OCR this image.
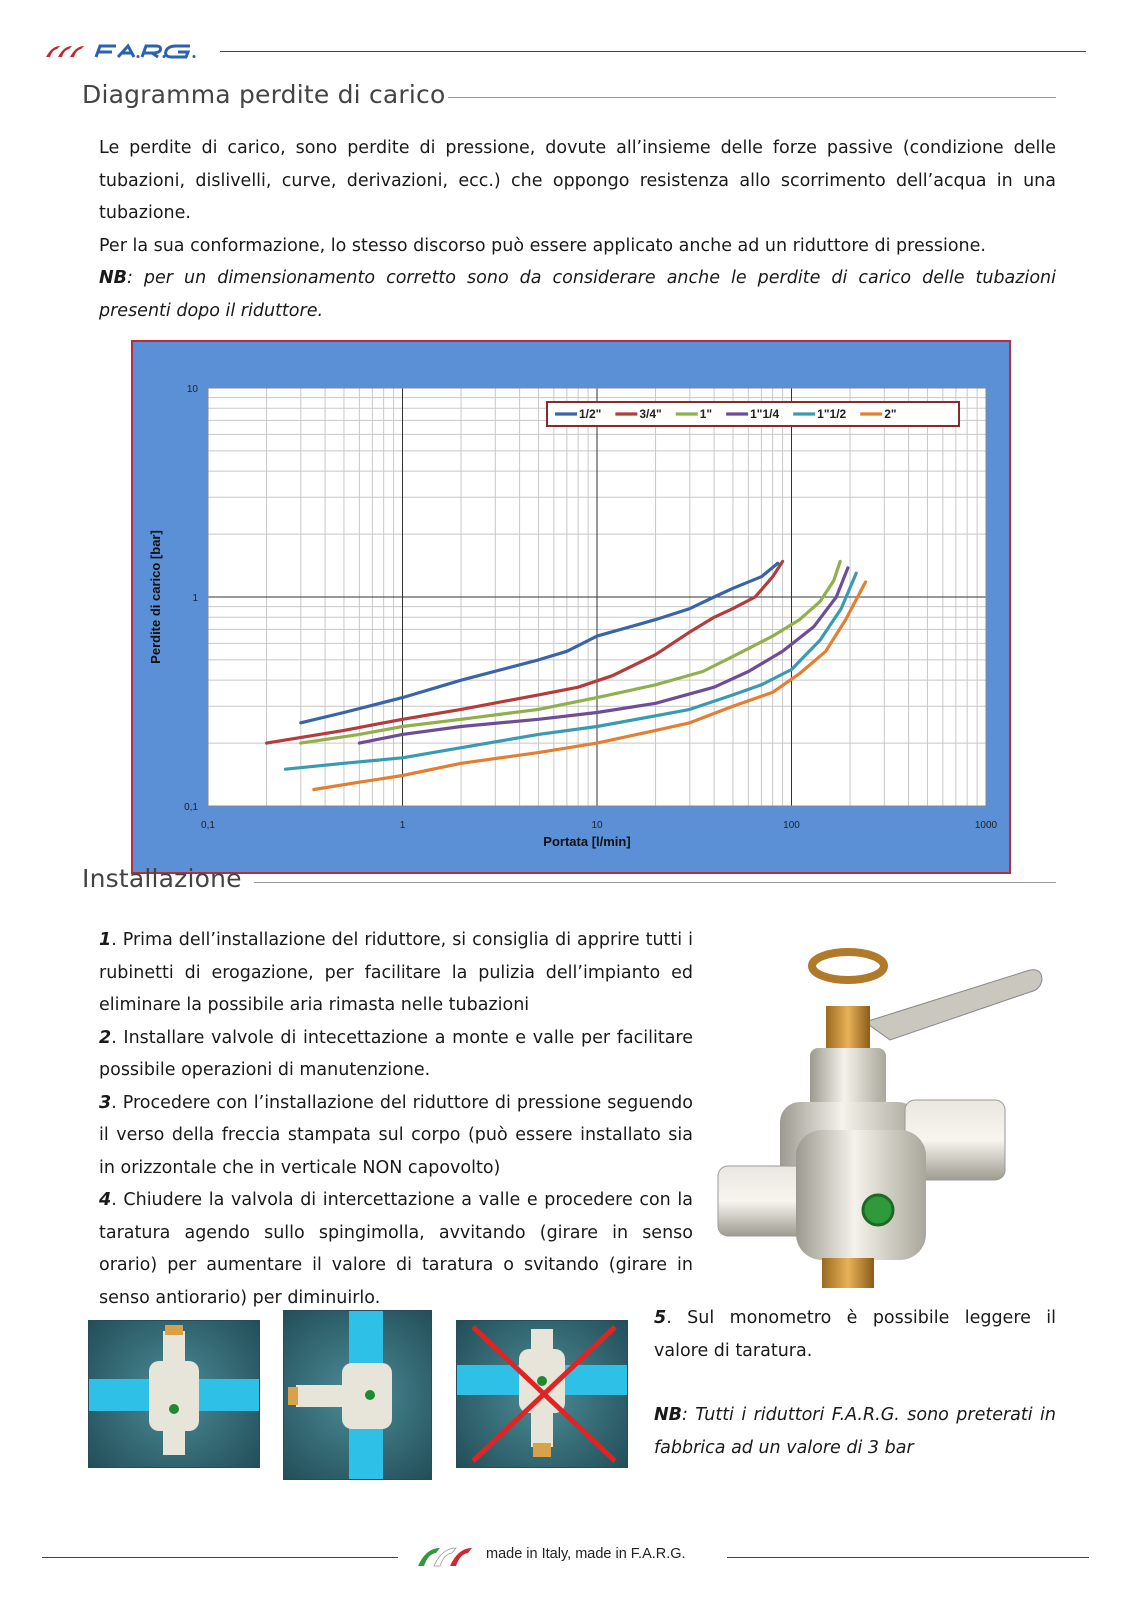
Diagramma perdite di carico

Le perdite di carico, sono perdite di pressione, dovute all’insieme delle forze passive (condizione delle tubazioni, dislivelli, curve, derivazioni, ecc.) che oppongo resistenza allo scorrimento dell’acqua in una tubazione.

Per la sua conformazione, lo stesso discorso può essere applicato anche ad un riduttore di pressione.

NB: per un dimensionamento corretto sono da considerare anche le perdite di carico delle tubazioni presenti dopo il riduttore.

0,1	1	10	100	1000
0,1
1
10
Portata [l/min]
Perdite di carico [bar]
1/2"	3/4"	1"	1"1/4	1"1/2	2"
Installazione

1. Prima dell’installazione del riduttore, si consiglia di apprire tutti i rubinetti di erogazione, per facilitare la pulizia dell’impianto ed eliminare la possibile aria rimasta nelle tubazioni

2. Installare valvole di intecettazione a monte e valle per facilitare possibile operazioni di manutenzione.

3. Procedere con l’installazione del riduttore di pressione seguendo il verso della freccia stampata sul corpo (può essere installato sia in orizzontale che in verticale NON capovolto)

4. Chiudere la valvola di intercettazione a valle e procedere con la taratura agendo sullo spingimolla, avvitando (girare in senso orario) per aumentare il valore di taratura o svitando (girare in senso antiorario) per diminuirlo.

5. Sul monometro è possibile leggere il valore di taratura.

NB: Tutti i riduttori F.A.R.G. sono preterati in fabbrica ad un valore di 3 bar

made in Italy, made in F.A.R.G.
